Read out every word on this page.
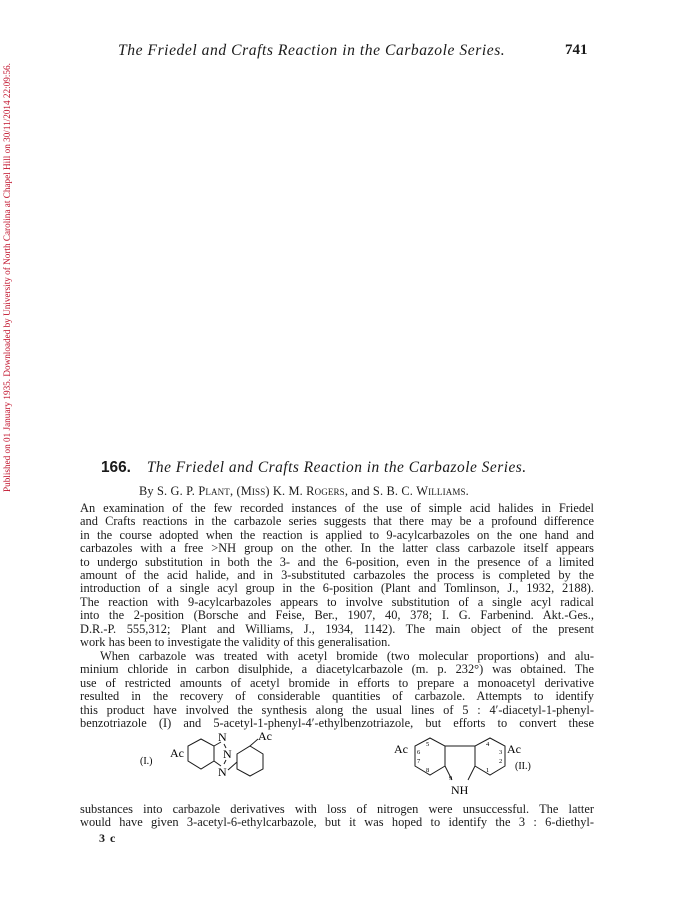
Published on 01 January 1935. Downloaded by University of North Carolina at Chapel Hill on 30/11/2014 22:09:56.
The Friedel and Crafts Reaction in the Carbazole Series.	741
166. The Friedel and Crafts Reaction in the Carbazole Series.
By S. G. P. Plant, (Miss) K. M. Rogers, and S. B. C. Williams.
An examination of the few recorded instances of the use of simple acid halides in Friedel
and Crafts reactions in the carbazole series suggests that there may be a profound difference
in the course adopted when the reaction is applied to 9-acylcarbazoles on the one hand and
carbazoles with a free >NH group on the other. In the latter class carbazole itself appears
to undergo substitution in both the 3- and the 6-position, even in the presence of a limited
amount of the acid halide, and in 3-substituted carbazoles the process is completed by the
introduction of a single acyl group in the 6-position (Plant and Tomlinson, J., 1932, 2188).
The reaction with 9-acylcarbazoles appears to involve substitution of a single acyl radical
into the 2-position (Borsche and Feise, Ber., 1907, 40, 378; I. G. Farbenind. Akt.-Ges.,
D.R.-P. 555,312; Plant and Williams, J., 1934, 1142). The main object of the present
work has been to investigate the validity of this generalisation.
When carbazole was treated with acetyl bromide (two molecular proportions) and alu-
minium chloride in carbon disulphide, a diacetylcarbazole (m. p. 232°) was obtained. The
use of restricted amounts of acetyl bromide in efforts to prepare a monoacetyl derivative
resulted in the recovery of considerable quantities of carbazole. Attempts to identify
this product have involved the synthesis along the usual lines of 5 : 4′-diacetyl-1-phenyl-
benzotriazole (I) and 5-acetyl-1-phenyl-4′-ethylbenzotriazole, but efforts to convert these
(I.)
Ac
N
N
N
Ac
Ac	Ac
NH
5
6
7
8
9
4
3
2
1	(II.)
substances into carbazole derivatives with loss of nitrogen were unsuccessful. The latter
would have given 3-acetyl-6-ethylcarbazole, but it was hoped to identify the 3 : 6-diethyl-
3 c
